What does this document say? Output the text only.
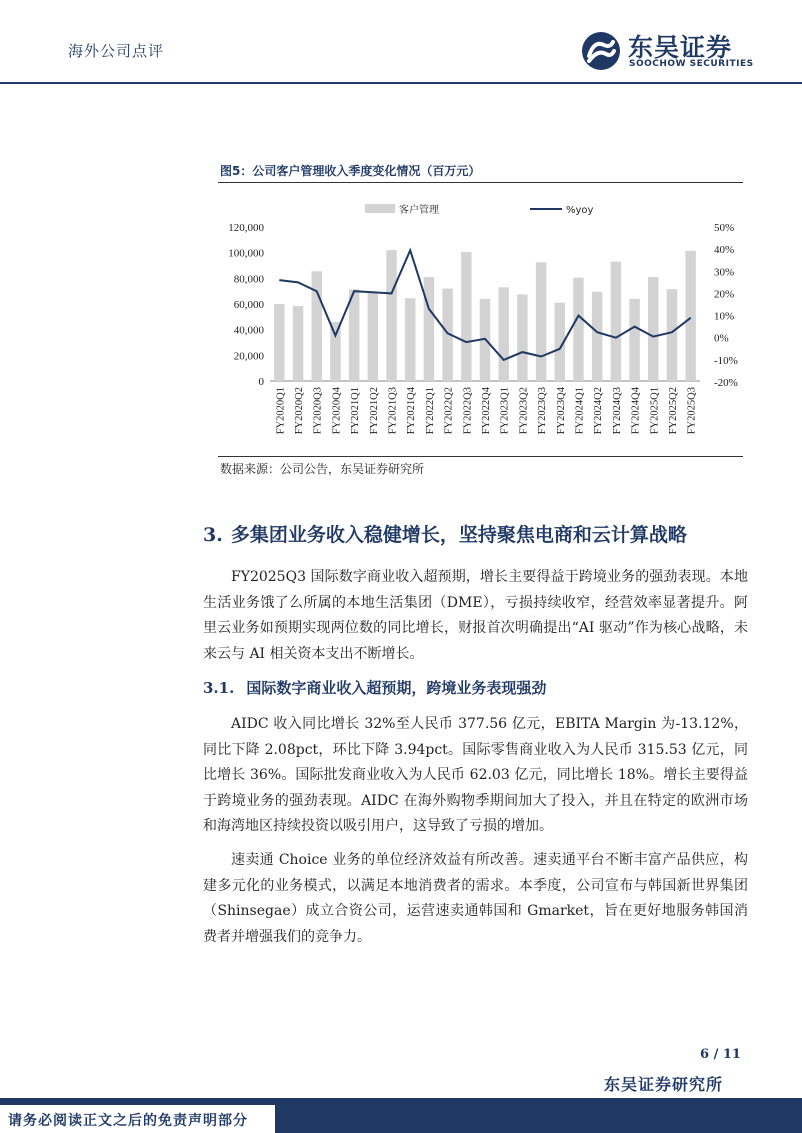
海外公司点评	东吴证券
SOOCHOW SECURITIES
图5：公司客户管理收入季度变化情况（百万元）
0
20,000
40,000
60,000
80,000
100,000
120,000
-20%
-10%
0%
10%
20%
30%
40%
50%
FY2020Q1 FY2020Q2 FY2020Q3 FY2020Q4 FY2021Q1 FY2021Q2 FY2021Q3 FY2021Q4 FY2022Q1 FY2022Q2 FY2022Q3 FY2022Q4 FY2023Q1 FY2023Q2 FY2023Q3 FY2023Q4 FY2024Q1 FY2024Q2 FY2024Q3 FY2024Q4 FY2025Q1 FY2025Q2 FY2025Q3
客户管理	%yoy
数据来源：公司公告，东吴证券研究所
3. 多集团业务收入稳健增长，坚持聚焦电商和云计算战略

FY2025Q3 国际数字商业收入超预期，增长主要得益于跨境业务的强劲表现。本地生活业务饿了么所属的本地生活集团（DME），亏损持续收窄，经营效率显著提升。阿里云业务如预期实现两位数的同比增长，财报首次明确提出“AI 驱动”作为核心战略，未来云与 AI 相关资本支出不断增长。

3.1. 国际数字商业收入超预期，跨境业务表现强劲

AIDC 收入同比增长 32%至人民币 377.56 亿元，EBITA Margin 为-13.12%，同比下降 2.08pct，环比下降 3.94pct。国际零售商业收入为人民币 315.53 亿元，同比增长 36%。国际批发商业收入为人民币 62.03 亿元，同比增长 18%。增长主要得益于跨境业务的强劲表现。AIDC 在海外购物季期间加大了投入，并且在特定的欧洲市场和海湾地区持续投资以吸引用户，这导致了亏损的增加。

速卖通 Choice 业务的单位经济效益有所改善。速卖通平台不断丰富产品供应，构建多元化的业务模式，以满足本地消费者的需求。本季度，公司宣布与韩国新世界集团（Shinsegae）成立合资公司，运营速卖通韩国和 Gmarket，旨在更好地服务韩国消费者并增强我们的竞争力。

6 / 11
东吴证券研究所
请务必阅读正文之后的免责声明部分
